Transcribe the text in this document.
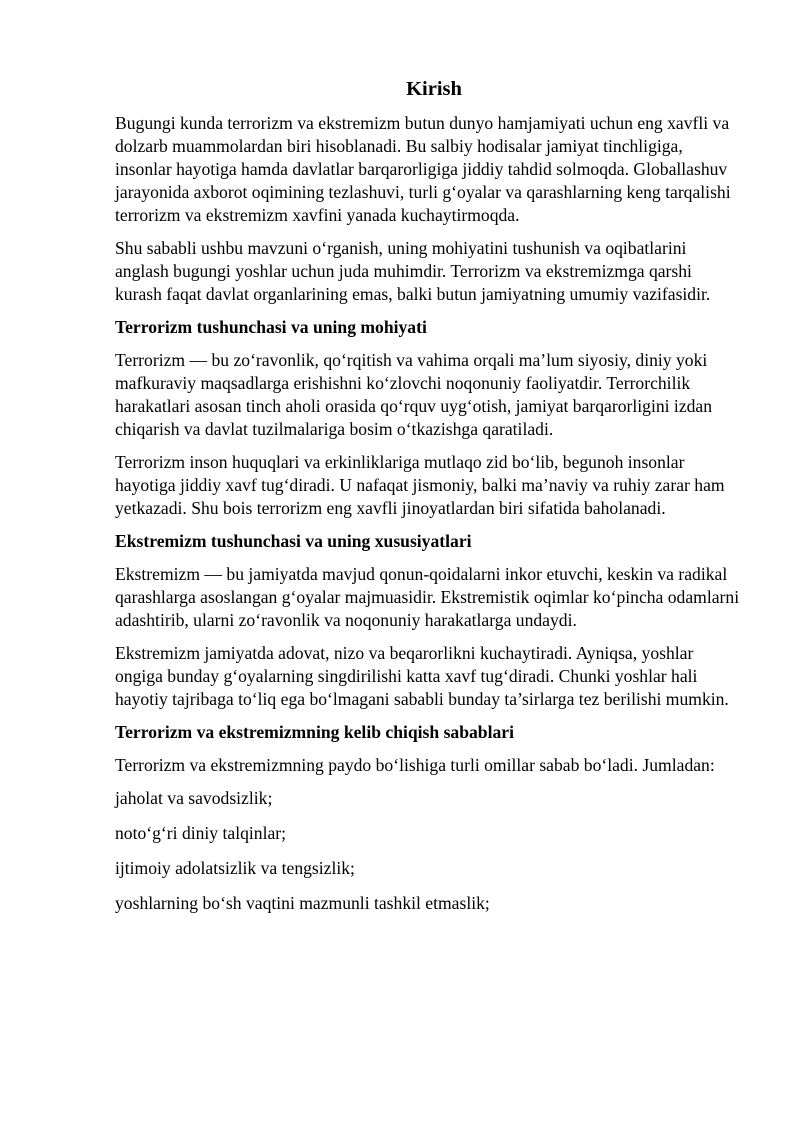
Kirish

Bugungi kunda terrorizm va ekstremizm butun dunyo hamjamiyati uchun eng xavfli va dolzarb muammolardan biri hisoblanadi. Bu salbiy hodisalar jamiyat tinchligiga, insonlar hayotiga hamda davlatlar barqarorligiga jiddiy tahdid solmoqda. Globallashuv jarayonida axborot oqimining tezlashuvi, turli g‘oyalar va qarashlarning keng tarqalishi terrorizm va ekstremizm xavfini yanada kuchaytirmoqda.

Shu sababli ushbu mavzuni o‘rganish, uning mohiyatini tushunish va oqibatlarini anglash bugungi yoshlar uchun juda muhimdir. Terrorizm va ekstremizmga qarshi kurash faqat davlat organlarining emas, balki butun jamiyatning umumiy vazifasidir.

Terrorizm tushunchasi va uning mohiyati

Terrorizm — bu zo‘ravonlik, qo‘rqitish va vahima orqali ma’lum siyosiy, diniy yoki mafkuraviy maqsadlarga erishishni ko‘zlovchi noqonuniy faoliyatdir. Terrorchilik harakatlari asosan tinch aholi orasida qo‘rquv uyg‘otish, jamiyat barqarorligini izdan chiqarish va davlat tuzilmalariga bosim o‘tkazishga qaratiladi.

Terrorizm inson huquqlari va erkinliklariga mutlaqo zid bo‘lib, begunoh insonlar hayotiga jiddiy xavf tug‘diradi. U nafaqat jismoniy, balki ma’naviy va ruhiy zarar ham yetkazadi. Shu bois terrorizm eng xavfli jinoyatlardan biri sifatida baholanadi.

Ekstremizm tushunchasi va uning xususiyatlari

Ekstremizm — bu jamiyatda mavjud qonun-qoidalarni inkor etuvchi, keskin va radikal qarashlarga asoslangan g‘oyalar majmuasidir. Ekstremistik oqimlar ko‘pincha odamlarni adashtirib, ularni zo‘ravonlik va noqonuniy harakatlarga undaydi.

Ekstremizm jamiyatda adovat, nizo va beqarorlikni kuchaytiradi. Ayniqsa, yoshlar ongiga bunday g‘oyalarning singdirilishi katta xavf tug‘diradi. Chunki yoshlar hali hayotiy tajribaga to‘liq ega bo‘lmagani sababli bunday ta’sirlarga tez berilishi mumkin.

Terrorizm va ekstremizmning kelib chiqish sabablari

Terrorizm va ekstremizmning paydo bo‘lishiga turli omillar sabab bo‘ladi. Jumladan:

jaholat va savodsizlik;

noto‘g‘ri diniy talqinlar;

ijtimoiy adolatsizlik va tengsizlik;

yoshlarning bo‘sh vaqtini mazmunli tashkil etmaslik;
